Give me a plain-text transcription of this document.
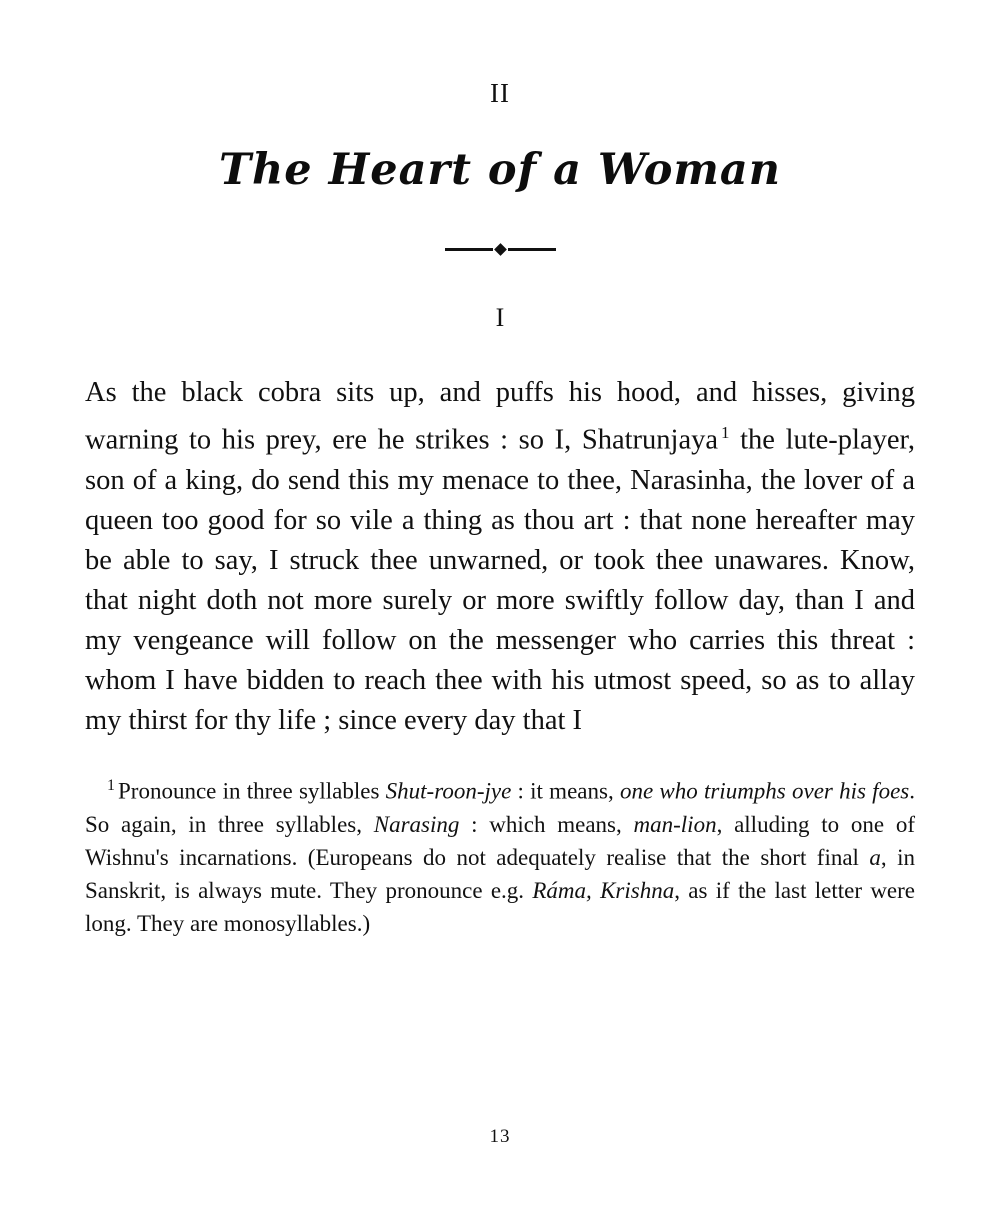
II
The Heart of a Woman
I

As the black cobra sits up, and puffs his hood, and hisses, giving warning to his prey, ere he strikes : so I, Shatrunjaya $^1$ the lute-player, son of a king, do send this my menace to thee, Narasinha, the lover of a queen too good for so vile a thing as thou art : that none hereafter may be able to say, I struck thee unwarned, or took thee unawares. Know, that night doth not more surely or more swiftly follow day, than I and my vengeance will follow on the messenger who carries this threat : whom I have bidden to reach thee with his utmost speed, so as to allay my thirst for thy life ; since every day that I

$^1$ Pronounce in three syllables Shut-roon-jye : it means, one who triumphs over his foes. So again, in three syllables, Narasing : which means, man-lion, alluding to one of Wishnu's incarnations. (Europeans do not adequately realise that the short final a, in Sanskrit, is always mute. They pronounce e.g. Ráma, Krishna, as if the last letter were long. They are monosyllables.)
13
